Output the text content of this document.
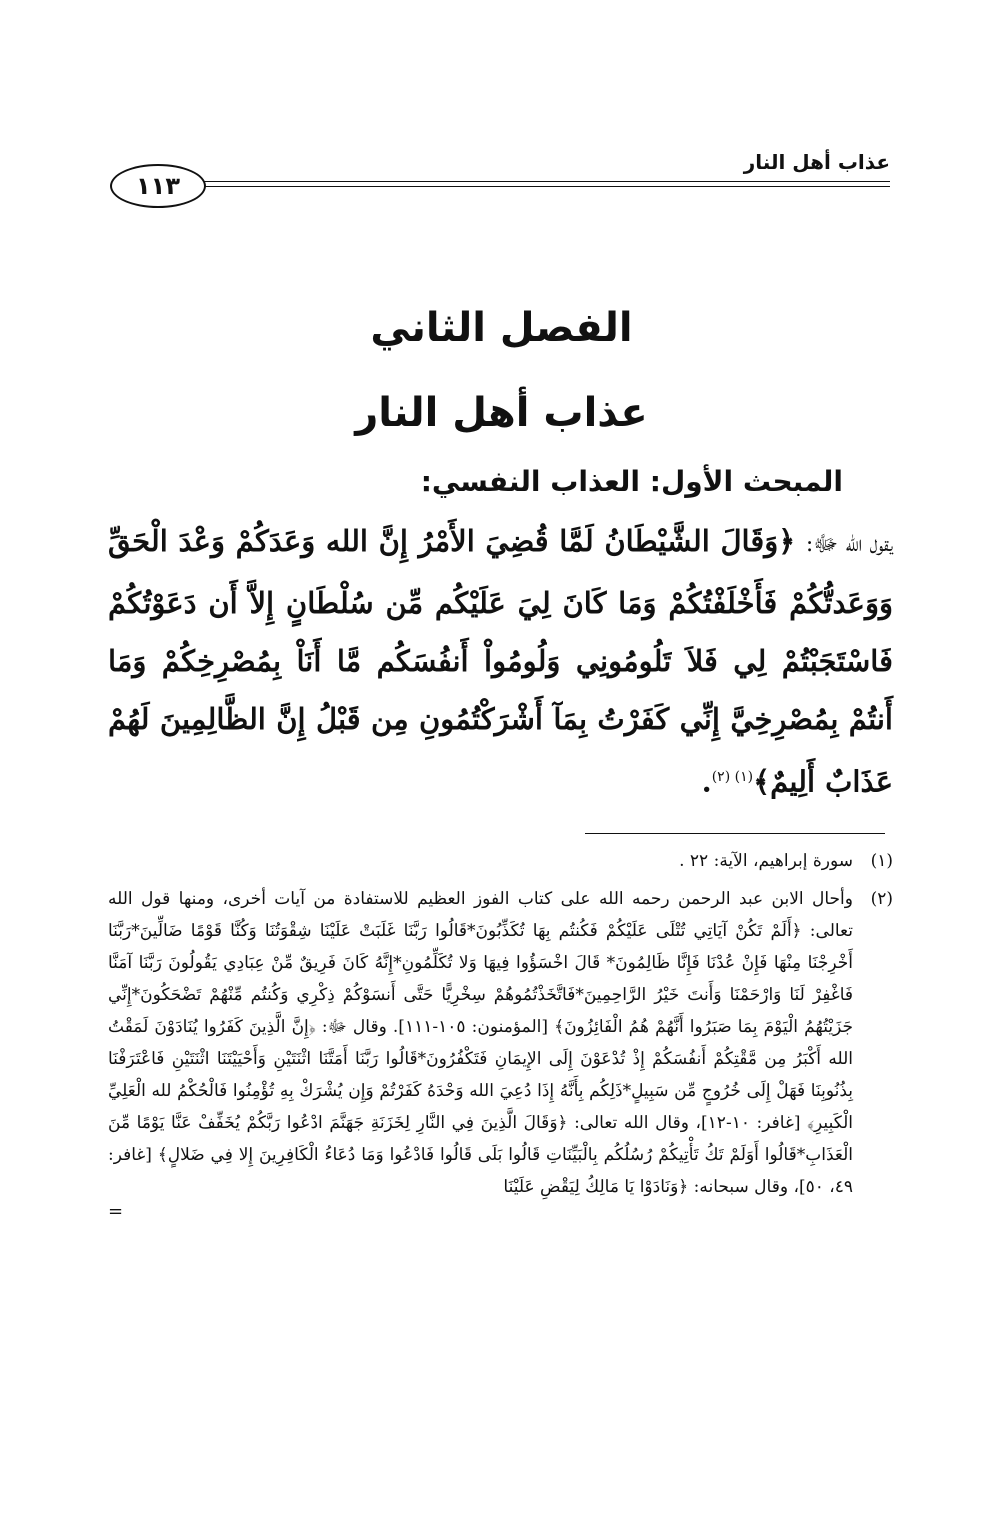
عذاب أهل النار
١١٣
الفصل الثاني
عذاب أهل النار
المبحث الأول: العذاب النفسي:
يقول الله ﷻ: ﴿وَقَالَ الشَّيْطَانُ لَمَّا قُضِيَ الأَمْرُ إِنَّ الله وَعَدَكُمْ وَعْدَ الْحَقِّ وَوَعَدتُّكُمْ فَأَخْلَفْتُكُمْ وَمَا كَانَ لِيَ عَلَيْكُم مِّن سُلْطَانٍ إِلاَّ أَن دَعَوْتُكُمْ فَاسْتَجَبْتُمْ لِي فَلاَ تَلُومُونِي وَلُومُواْ أَنفُسَكُم مَّا أَنَاْ بِمُصْرِخِكُمْ وَمَا أَنتُمْ بِمُصْرِخِيَّ إِنِّي كَفَرْتُ بِمَآ أَشْرَكْتُمُونِ مِن قَبْلُ إِنَّ الظَّالِمِينَ لَهُمْ عَذَابٌ أَلِيمٌ﴾$^{(١) (٢)}$.
(١)
سورة إبراهيم، الآية: ٢٢ .
(٢)
وأحال الابن عبد الرحمن رحمه الله على كتاب الفوز العظيم للاستفادة من آيات أخرى، ومنها قول الله تعالى: ﴿أَلَمْ تَكُنْ آيَاتِي تُتْلَى عَلَيْكُمْ فَكُنتُم بِهَا تُكَذِّبُونَ*قَالُوا رَبَّنَا غَلَبَتْ عَلَيْنَا شِقْوَتُنَا وَكُنَّا قَوْمًا ضَالِّينَ*رَبَّنَا أَخْرِجْنَا مِنْهَا فَإِنْ عُدْنَا فَإِنَّا ظَالِمُونَ* قَالَ اخْسَؤُوا فِيهَا وَلا تُكَلِّمُونِ*إِنَّهُ كَانَ فَرِيقٌ مِّنْ عِبَادِي يَقُولُونَ رَبَّنَا آمَنَّا فَاغْفِرْ لَنَا وَارْحَمْنَا وَأَنتَ خَيْرُ الرَّاحِمِينَ*فَاتَّخَذْتُمُوهُمْ سِخْرِيًّا حَتَّى أَنسَوْكُمْ ذِكْرِي وَكُنتُم مِّنْهُمْ تَضْحَكُونَ*إِنِّي جَزَيْتُهُمُ الْيَوْمَ بِمَا صَبَرُوا أَنَّهُمْ هُمُ الْفَائِزُونَ﴾ [المؤمنون: ١٠٥-١١١]. وقال ﷻ: ﴿إِنَّ الَّذِينَ كَفَرُوا يُنَادَوْنَ لَمَقْتُ الله أَكْبَرُ مِن مَّقْتِكُمْ أَنفُسَكُمْ إِذْ تُدْعَوْنَ إِلَى الإِيمَانِ فَتَكْفُرُونَ*قَالُوا رَبَّنَا أَمَتَّنَا اثْنَتَيْنِ وَأَحْيَيْتَنَا اثْنَتَيْنِ فَاعْتَرَفْنَا بِذُنُوبِنَا فَهَلْ إِلَى خُرُوجٍ مِّن سَبِيلٍ*ذَلِكُم بِأَنَّهُ إِذَا دُعِيَ الله وَحْدَهُ كَفَرْتُمْ وَإِن يُشْرَكْ بِهِ تُؤْمِنُوا فَالْحُكْمُ لله الْعَلِيِّ الْكَبِيرِ﴾ [غافر: ١٠-١٢]، وقال الله تعالى: ﴿وَقَالَ الَّذِينَ فِي النَّارِ لِخَزَنَةِ جَهَنَّمَ ادْعُوا رَبَّكُمْ يُخَفِّفْ عَنَّا يَوْمًا مِّنَ الْعَذَابِ*قَالُوا أَوَلَمْ تَكُ تَأْتِيكُمْ رُسُلُكُم بِالْبَيِّنَاتِ قَالُوا بَلَى قَالُوا فَادْعُوا وَمَا دُعَاءُ الْكَافِرِينَ إِلا فِي ضَلالٍ﴾ [غافر: ٤٩، ٥٠]، وقال سبحانه: ﴿وَنَادَوْا يَا مَالِكُ لِيَقْضِ عَلَيْنَا
=
